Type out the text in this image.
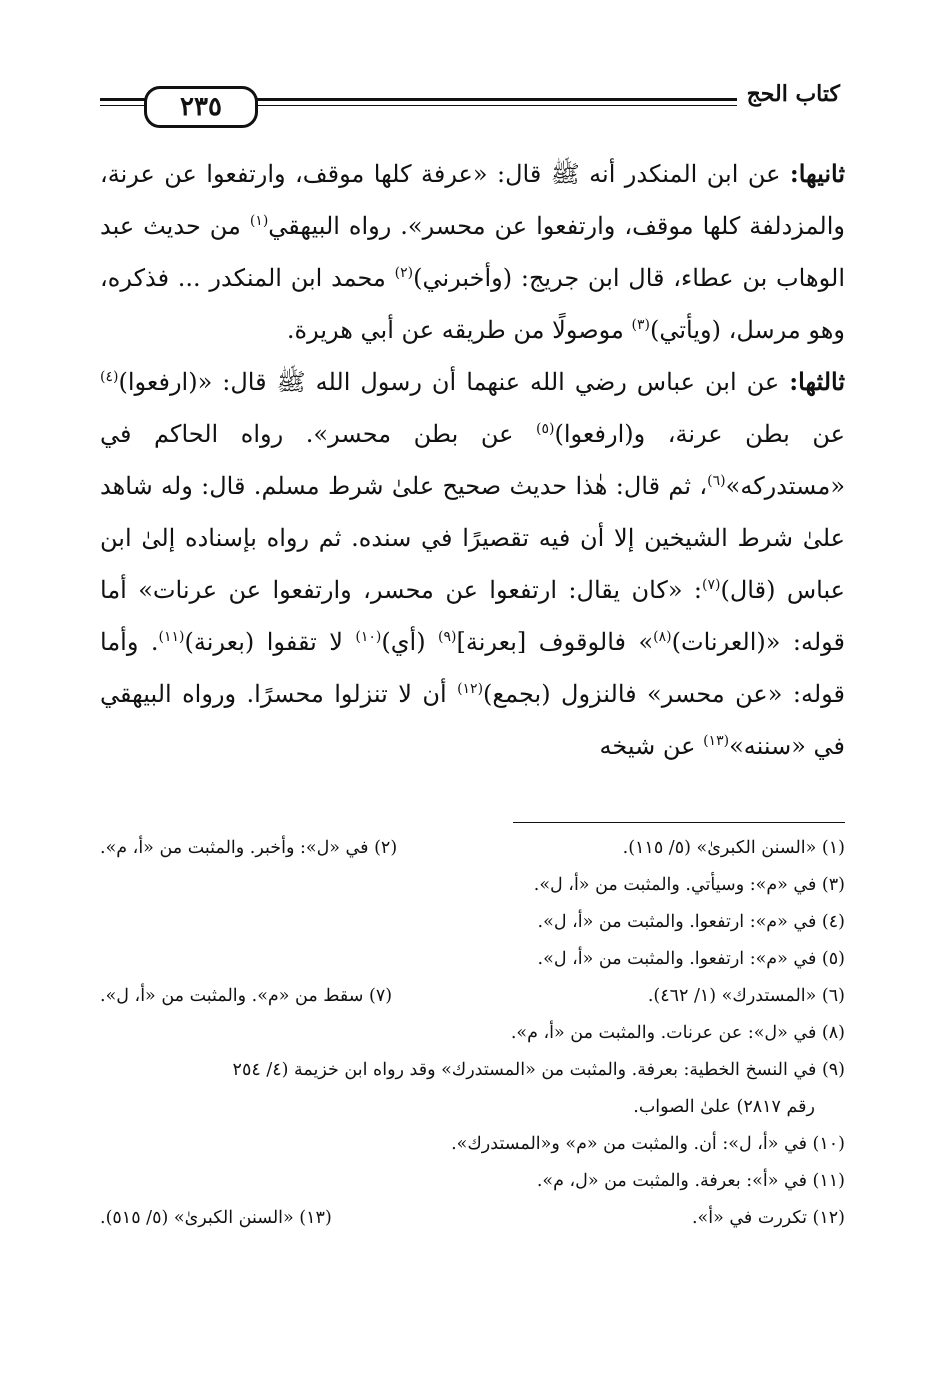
٢٣٥	كتاب الحج

ثانيها: عن ابن المنكدر أنه ﷺ قال: «عرفة كلها موقف، وارتفعوا عن عرنة، والمزدلفة كلها موقف، وارتفعوا عن محسر». رواه البيهقي$^{(١)}$ من حديث عبد الوهاب بن عطاء، قال ابن جريج: (وأخبرني)$^{(٢)}$ محمد ابن المنكدر ... فذكره، وهو مرسل، (ويأتي)$^{(٣)}$ موصولًا من طريقه عن أبي هريرة.

ثالثها: عن ابن عباس رضي الله عنهما أن رسول الله ﷺ قال: «(ارفعوا)$^{(٤)}$ عن بطن عرنة، و(ارفعوا)$^{(٥)}$ عن بطن محسر». رواه الحاكم في «مستدركه»$^{(٦)}$، ثم قال: هٰذا حديث صحيح علىٰ شرط مسلم. قال: وله شاهد علىٰ شرط الشيخين إلا أن فيه تقصيرًا في سنده. ثم رواه بإسناده إلىٰ ابن عباس (قال)$^{(٧)}$: «كان يقال: ارتفعوا عن محسر، وارتفعوا عن عرنات» أما قوله: «(العرنات)$^{(٨)}$» فالوقوف [بعرنة]$^{(٩)}$ (أي)$^{(١٠)}$ لا تقفوا (بعرنة)$^{(١١)}$. وأما قوله: «عن محسر» فالنزول (بجمع)$^{(١٢)}$ أن لا تنزلوا محسرًا. ورواه البيهقي في «سننه»$^{(١٣)}$ عن شيخه

(١) «السنن الكبرىٰ» (٥/ ١١٥).
(٢) في «ل»: وأخبر. والمثبت من «أ، م».
(٣) في «م»: وسيأتي. والمثبت من «أ، ل».
(٤) في «م»: ارتفعوا. والمثبت من «أ، ل».
(٥) في «م»: ارتفعوا. والمثبت من «أ، ل».
(٦) «المستدرك» (١/ ٤٦٢).
(٧) سقط من «م». والمثبت من «أ، ل».
(٨) في «ل»: عن عرنات. والمثبت من «أ، م».
(٩) في النسخ الخطية: بعرفة. والمثبت من «المستدرك» وقد رواه ابن خزيمة (٤/ ٢٥٤
رقم ٢٨١٧) علىٰ الصواب.
(١٠) في «أ، ل»: أن. والمثبت من «م» و«المستدرك».
(١١) في «أ»: بعرفة. والمثبت من «ل، م».
(١٢) تكررت في «أ».
(١٣) «السنن الكبرىٰ» (٥/ ٥١٥).
